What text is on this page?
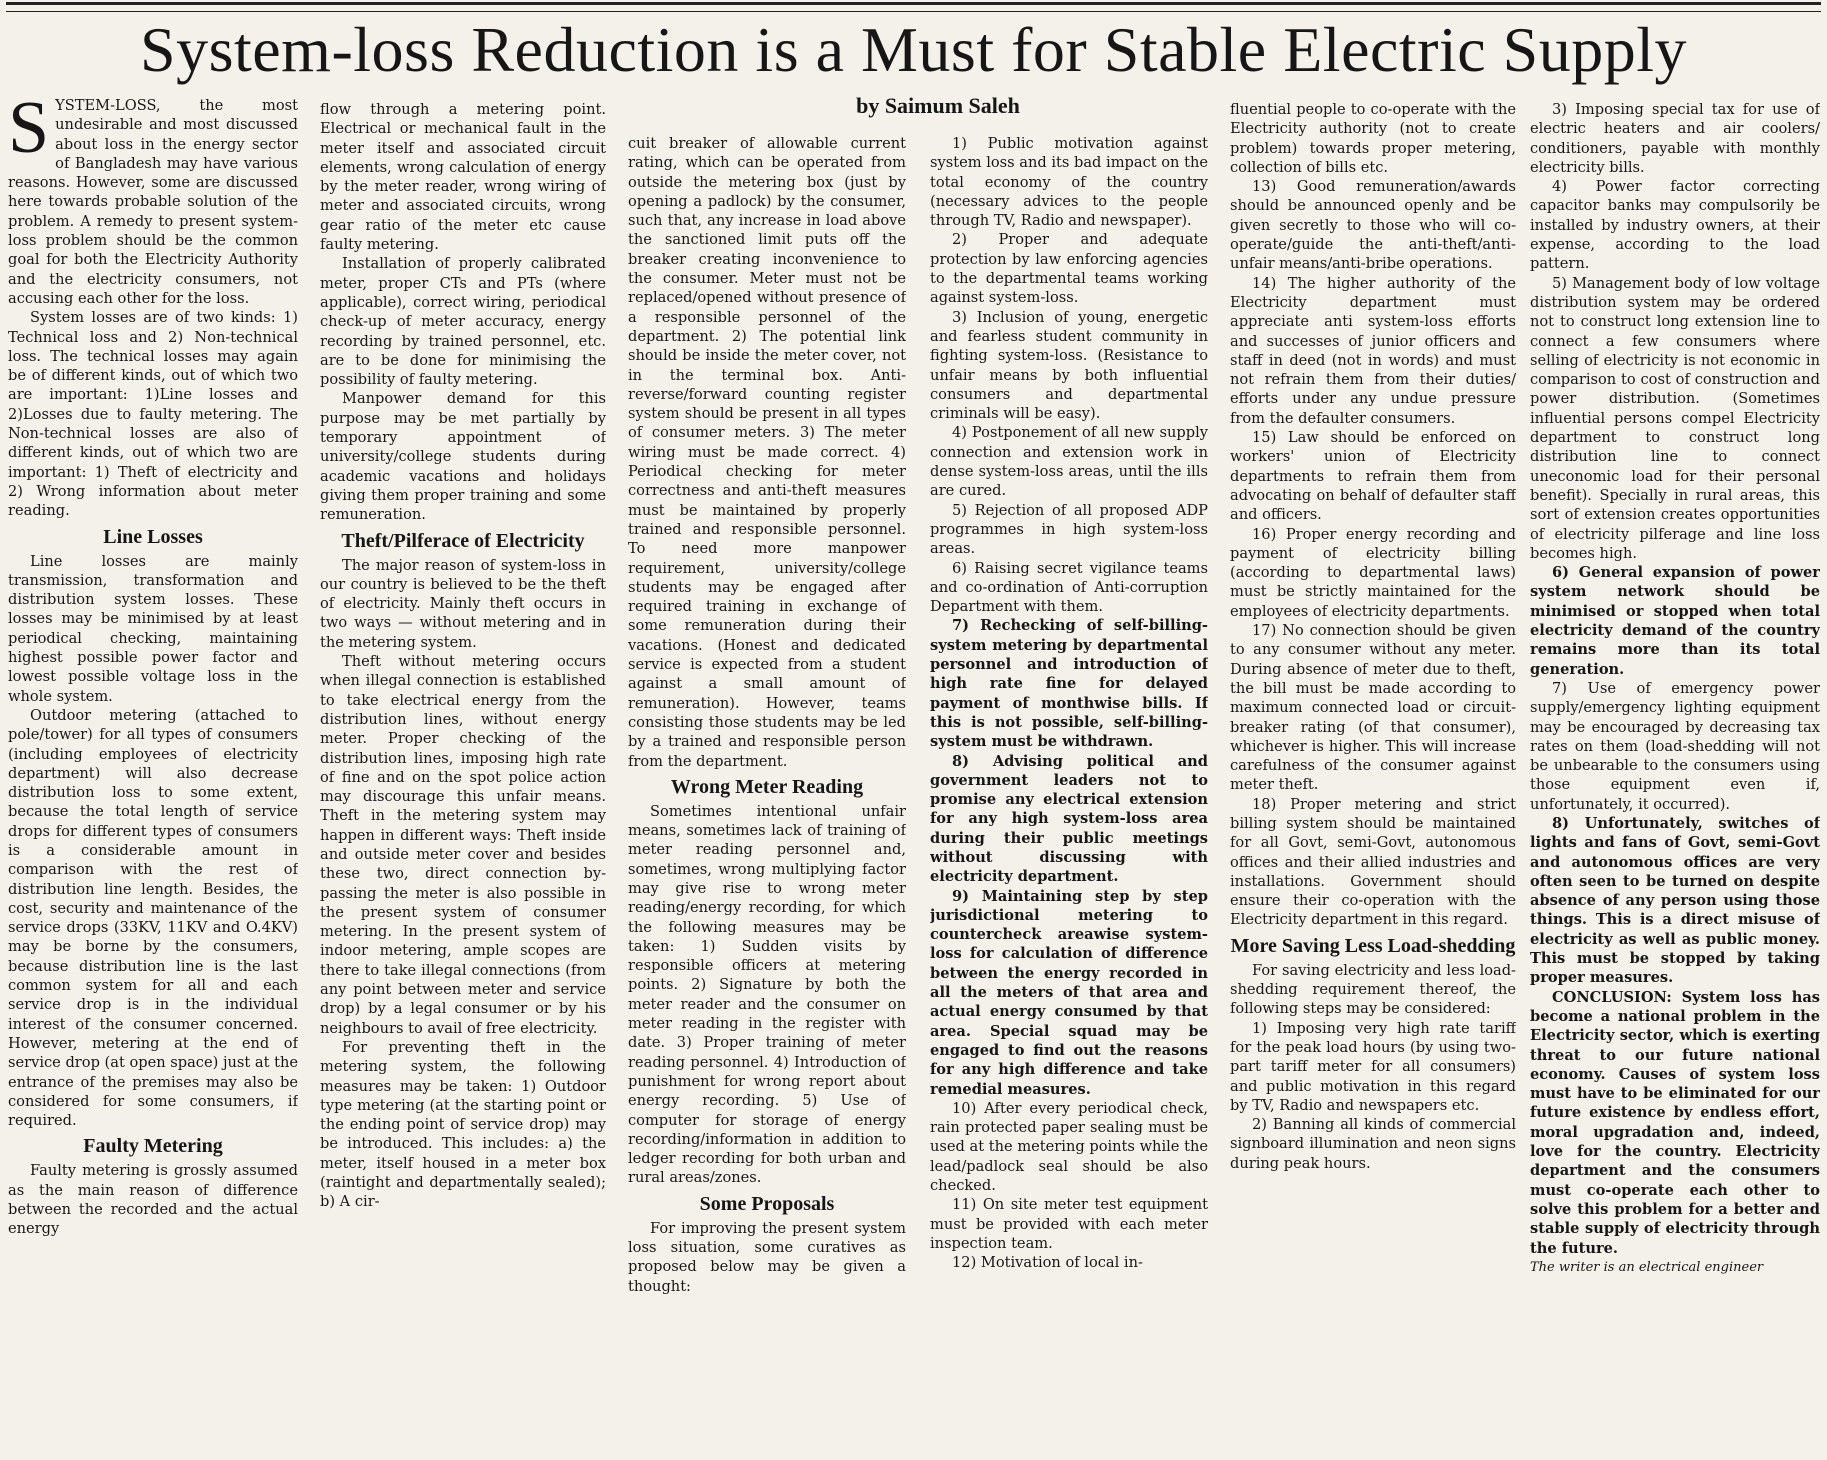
System-loss Reduction is a Must for Stable Electric Supply

SYSTEM-LOSS, the most undesirable and most discussed about loss in the energy sector of Bangladesh may have various reasons. However, some are discussed here towards probable solution of the problem. A remedy to present system-loss problem should be the common goal for both the Electricity Authority and the electricity consumers, not accusing each other for the loss.

System losses are of two kinds: 1) Technical loss and 2) Non-technical loss. The technical losses may again be of different kinds, out of which two are important: 1)Line losses and 2)Losses due to faulty metering. The Non-technical losses are also of different kinds, out of which two are important: 1) Theft of electricity and 2) Wrong information about meter reading.

Line Losses

Line losses are mainly transmission, transformation and distribution system losses. These losses may be minimised by at least periodical checking, maintaining highest possible power factor and lowest possible voltage loss in the whole system.

Outdoor metering (attached to pole/tower) for all types of consumers (including employees of electricity department) will also decrease distribution loss to some extent, because the total length of service drops for different types of consumers is a considerable amount in comparison with the rest of distribution line length. Besides, the cost, security and maintenance of the service drops (33KV, 11KV and O.4KV) may be borne by the consumers, because distribution line is the last common system for all and each service drop is in the individual interest of the consumer concerned. However, metering at the end of service drop (at open space) just at the entrance of the premises may also be considered for some consumers, if required.

Faulty Metering

Faulty metering is grossly assumed as the main reason of difference between the recorded and the actual energy

flow through a metering point. Electrical or mechanical fault in the meter itself and associated circuit elements, wrong calculation of energy by the meter reader, wrong wiring of meter and associated circuits, wrong gear ratio of the meter etc cause faulty metering.

Installation of properly calibrated meter, proper CTs and PTs (where applicable), correct wiring, periodical check-up of meter accuracy, energy recording by trained personnel, etc. are to be done for minimising the possibility of faulty metering.

Manpower demand for this purpose may be met partially by temporary appointment of university/college students during academic vacations and holidays giving them proper training and some remuneration.

Theft/Pilferace of Electricity

The major reason of system-loss in our country is believed to be the theft of electricity. Mainly theft occurs in two ways — without metering and in the metering system.

Theft without metering occurs when illegal connection is established to take electrical energy from the distribution lines, without energy meter. Proper checking of the distribution lines, imposing high rate of fine and on the spot police action may discourage this unfair means. Theft in the metering system may happen in different ways: Theft inside and outside meter cover and besides these two, direct connection by-passing the meter is also possible in the present system of consumer metering. In the present system of indoor metering, ample scopes are there to take illegal connections (from any point between meter and service drop) by a legal consumer or by his neighbours to avail of free electricity.

For preventing theft in the metering system, the following measures may be taken: 1) Outdoor type metering (at the starting point or the ending point of service drop) may be introduced. This includes: a) the meter, itself housed in a meter box (raintight and departmentally sealed); b) A cir-

by Saimum Saleh

cuit breaker of allowable current rating, which can be operated from outside the metering box (just by opening a padlock) by the consumer, such that, any increase in load above the sanctioned limit puts off the breaker creating inconvenience to the consumer. Meter must not be replaced/opened without presence of a responsible personnel of the department. 2) The potential link should be inside the meter cover, not in the terminal box. Anti-reverse/forward counting register system should be present in all types of consumer meters. 3) The meter wiring must be made correct. 4) Periodical checking for meter correctness and anti-theft measures must be maintained by properly trained and responsible personnel. To need more manpower requirement, university/college students may be engaged after required training in exchange of some remuneration during their vacations. (Honest and dedicated service is expected from a student against a small amount of remuneration). However, teams consisting those students may be led by a trained and responsible person from the department.

Wrong Meter Reading

Sometimes intentional unfair means, sometimes lack of training of meter reading personnel and, sometimes, wrong multiplying factor may give rise to wrong meter reading/energy recording, for which the following measures may be taken: 1) Sudden visits by responsible officers at metering points. 2) Signature by both the meter reader and the consumer on meter reading in the register with date. 3) Proper training of meter reading personnel. 4) Introduction of punishment for wrong report about energy recording. 5) Use of computer for storage of energy recording/information in addition to ledger recording for both urban and rural areas/zones.

Some Proposals

For improving the present system loss situation, some curatives as proposed below may be given a thought:

1) Public motivation against system loss and its bad impact on the total economy of the country (necessary advices to the people through TV, Radio and newspaper).

2) Proper and adequate protection by law enforcing agencies to the departmental teams working against system-loss.

3) Inclusion of young, energetic and fearless student community in fighting system-loss. (Resistance to unfair means by both influential consumers and departmental criminals will be easy).

4) Postponement of all new supply connection and extension work in dense system-loss areas, until the ills are cured.

5) Rejection of all proposed ADP programmes in high system-loss areas.

6) Raising secret vigilance teams and co-ordination of Anti-corruption Department with them.

7) Rechecking of self-billing-system metering by departmental personnel and introduction of high rate fine for delayed payment of monthwise bills. If this is not possible, self-billing-system must be withdrawn.

8) Advising political and government leaders not to promise any electrical extension for any high system-loss area during their public meetings without discussing with electricity department.

9) Maintaining step by step jurisdictional metering to countercheck areawise system-loss for calculation of difference between the energy recorded in all the meters of that area and actual energy consumed by that area. Special squad may be engaged to find out the reasons for any high difference and take remedial measures.

10) After every periodical check, rain protected paper sealing must be used at the metering points while the lead/padlock seal should be also checked.

11) On site meter test equipment must be provided with each meter inspection team.

12) Motivation of local in-

fluential people to co-operate with the Electricity authority (not to create problem) towards proper metering, collection of bills etc.

13) Good remuneration/awards should be announced openly and be given secretly to those who will co-operate/guide the anti-theft/anti-unfair means/anti-bribe operations.

14) The higher authority of the Electricity department must appreciate anti system-loss efforts and successes of junior officers and staff in deed (not in words) and must not refrain them from their duties/ efforts under any undue pressure from the defaulter consumers.

15) Law should be enforced on workers' union of Electricity departments to refrain them from advocating on behalf of defaulter staff and officers.

16) Proper energy recording and payment of electricity billing (according to departmental laws) must be strictly maintained for the employees of electricity departments.

17) No connection should be given to any consumer without any meter. During absence of meter due to theft, the bill must be made according to maximum connected load or circuit-breaker rating (of that consumer), whichever is higher. This will increase carefulness of the consumer against meter theft.

18) Proper metering and strict billing system should be maintained for all Govt, semi-Govt, autonomous offices and their allied industries and installations. Government should ensure their co-operation with the Electricity department in this regard.

More Saving Less Load-shedding

For saving electricity and less load-shedding requirement thereof, the following steps may be considered:

1) Imposing very high rate tariff for the peak load hours (by using two-part tariff meter for all consumers) and public motivation in this regard by TV, Radio and newspapers etc.

2) Banning all kinds of commercial signboard illumination and neon signs during peak hours.

3) Imposing special tax for use of electric heaters and air coolers/ conditioners, payable with monthly electricity bills.

4) Power factor correcting capacitor banks may compulsorily be installed by industry owners, at their expense, according to the load pattern.

5) Management body of low voltage distribution system may be ordered not to construct long extension line to connect a few consumers where selling of electricity is not economic in comparison to cost of construction and power distribution. (Sometimes influential persons compel Electricity department to construct long distribution line to connect uneconomic load for their personal benefit). Specially in rural areas, this sort of extension creates opportunities of electricity pilferage and line loss becomes high.

6) General expansion of power system network should be minimised or stopped when total electricity demand of the country remains more than its total generation.

7) Use of emergency power supply/emergency lighting equipment may be encouraged by decreasing tax rates on them (load-shedding will not be unbearable to the consumers using those equipment even if, unfortunately, it occurred).

8) Unfortunately, switches of lights and fans of Govt, semi-Govt and autonomous offices are very often seen to be turned on despite absence of any person using those things. This is a direct misuse of electricity as well as public money. This must be stopped by taking proper measures.

CONCLUSION: System loss has become a national problem in the Electricity sector, which is exerting threat to our future national economy. Causes of system loss must have to be eliminated for our future existence by endless effort, moral upgradation and, indeed, love for the country. Electricity department and the consumers must co-operate each other to solve this problem for a better and stable supply of electricity through the future.

The writer is an electrical engineer
